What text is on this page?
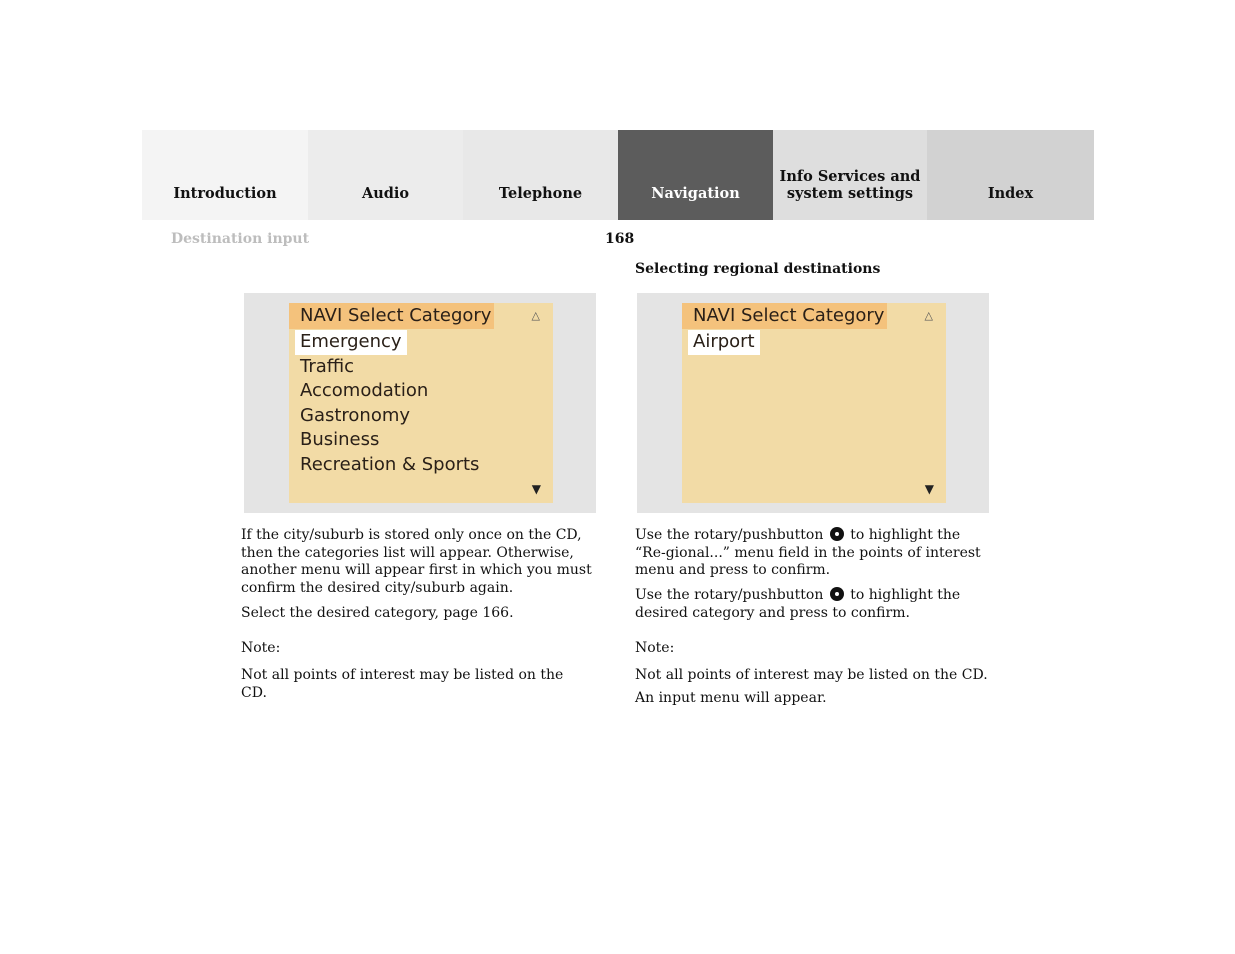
Introduction	Audio	Telephone	Navigation
Info Services and
system settings	Index
Destination input	168
Selecting regional destinations
NAVI Select Category	△
Emergency
Traffic
Accomodation
Gastronomy
Business
Recreation & Sports
▼
NAVI Select Category	△
Airport
▼

If the city/suburb is stored only once on the CD, then the categories list will appear. Otherwise, another menu will appear first in which you must confirm the desired city/suburb again.

Select the desired category, page 166.

Note:
Not all points of interest may be listed on the CD.

Use the rotary/pushbutton to highlight the “Re-gional...” menu field in the points of interest menu and press to confirm.

Use the rotary/pushbutton to highlight the desired category and press to confirm.

Note:
Not all points of interest may be listed on the CD.
An input menu will appear.
